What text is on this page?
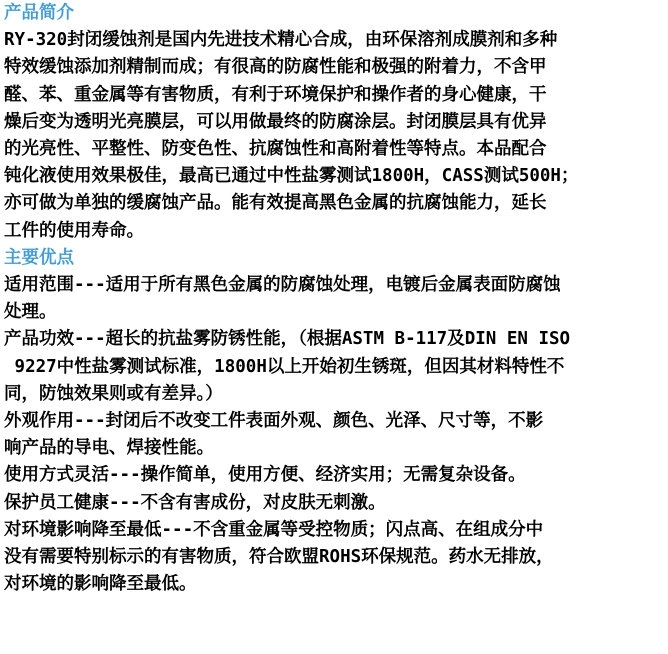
产品简介
RY-320封闭缓蚀剂是国内先进技术精心合成，由环保溶剂成膜剂和多种
特效缓蚀添加剂精制而成；有很高的防腐性能和极强的附着力，不含甲
醛、苯、重金属等有害物质，有利于环境保护和操作者的身心健康，干
燥后变为透明光亮膜层，可以用做最终的防腐涂层。封闭膜层具有优异
的光亮性、平整性、防变色性、抗腐蚀性和高附着性等特点。本品配合
钝化液使用效果极佳，最高已通过中性盐雾测试1800H，CASS测试500H；
亦可做为单独的缓腐蚀产品。能有效提高黑色金属的抗腐蚀能力，延长
工件的使用寿命。
主要优点
适用范围---适用于所有黑色金属的防腐蚀处理，电镀后金属表面防腐蚀
处理。
产品功效---超长的抗盐雾防锈性能，（根据ASTM B-117及DIN EN ISO
9227中性盐雾测试标准，1800H以上开始初生锈斑，但因其材料特性不
同，防蚀效果则或有差异。）
外观作用---封闭后不改变工件表面外观、颜色、光泽、尺寸等，不影
响产品的导电、焊接性能。
使用方式灵活---操作简单，使用方便、经济实用；无需复杂设备。
保护员工健康---不含有害成份，对皮肤无刺激。
对环境影响降至最低---不含重金属等受控物质；闪点高、在组成分中
没有需要特别标示的有害物质，符合欧盟ROHS环保规范。药水无排放，
对环境的影响降至最低。
